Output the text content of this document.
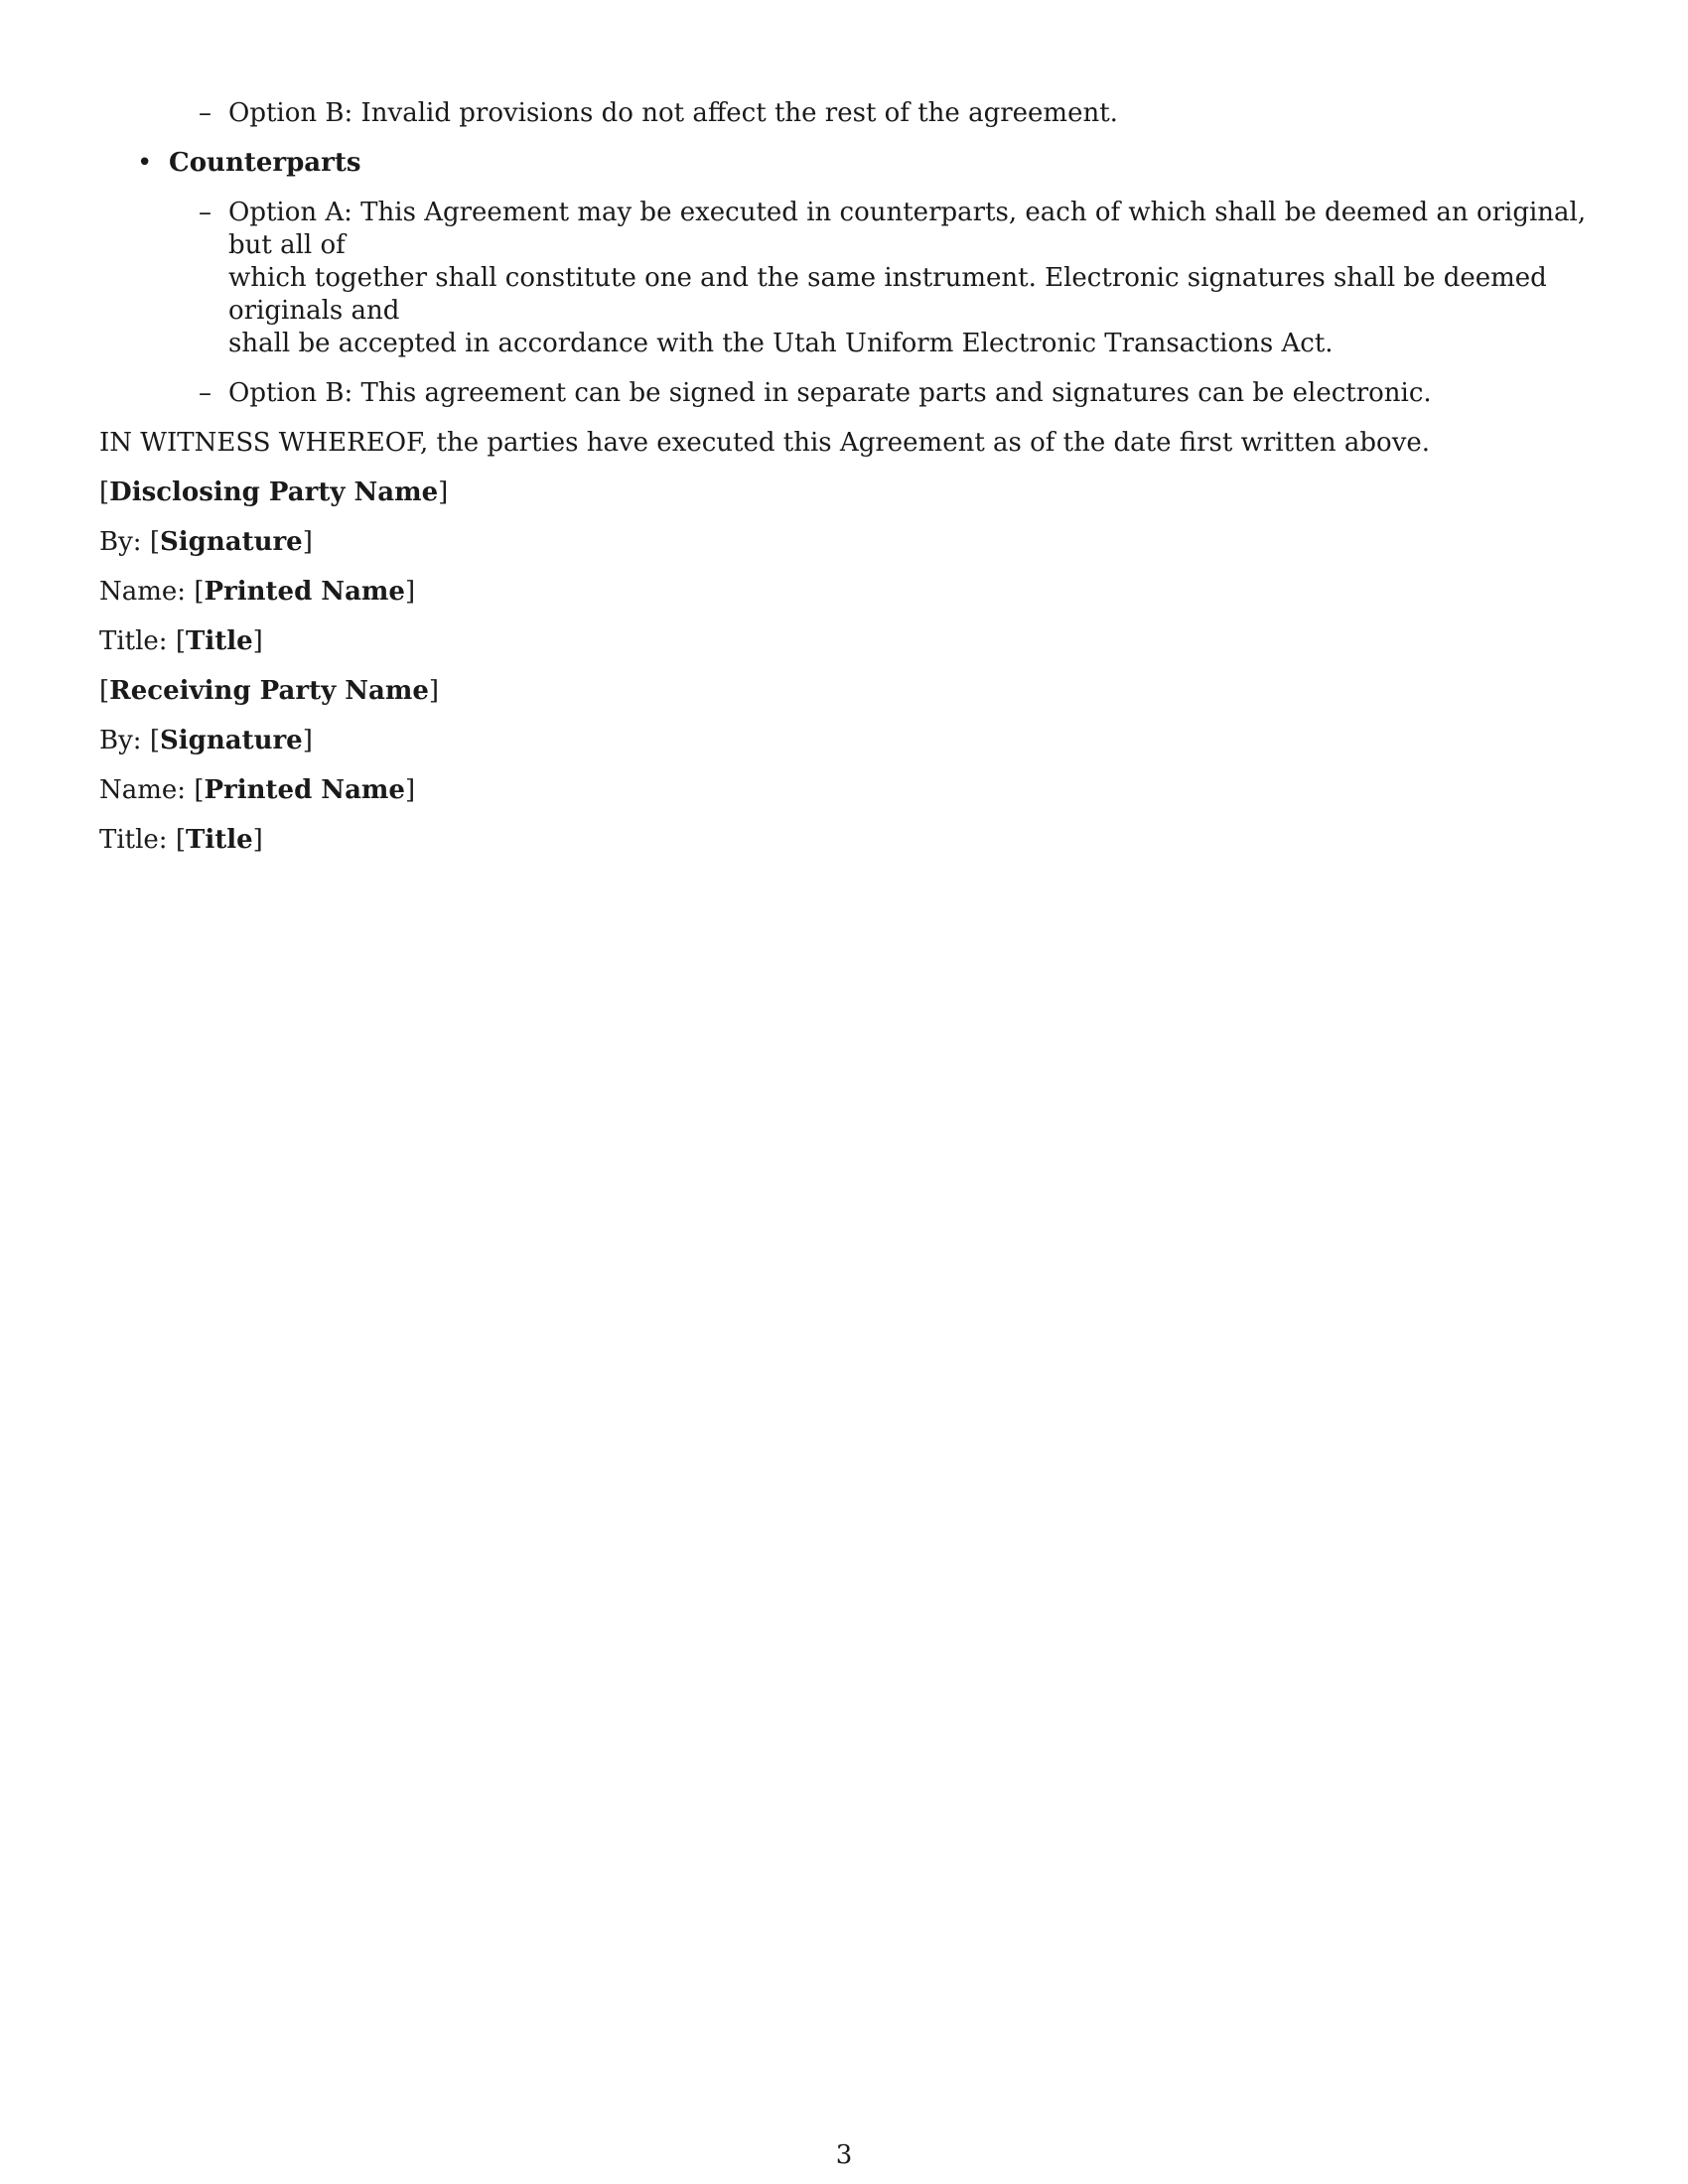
– Option B: Invalid provisions do not affect the rest of the agreement.
• Counterparts
– Option A: This Agreement may be executed in counterparts, each of which shall be deemed an original, but all of
which together shall constitute one and the same instrument. Electronic signatures shall be deemed originals and
shall be accepted in accordance with the Utah Uniform Electronic Transactions Act.
– Option B: This agreement can be signed in separate parts and signatures can be electronic.
IN WITNESS WHEREOF, the parties have executed this Agreement as of the date first written above.
[Disclosing Party Name]
By: [Signature]
Name: [Printed Name]
Title: [Title]
[Receiving Party Name]
By: [Signature]
Name: [Printed Name]
Title: [Title]
3
